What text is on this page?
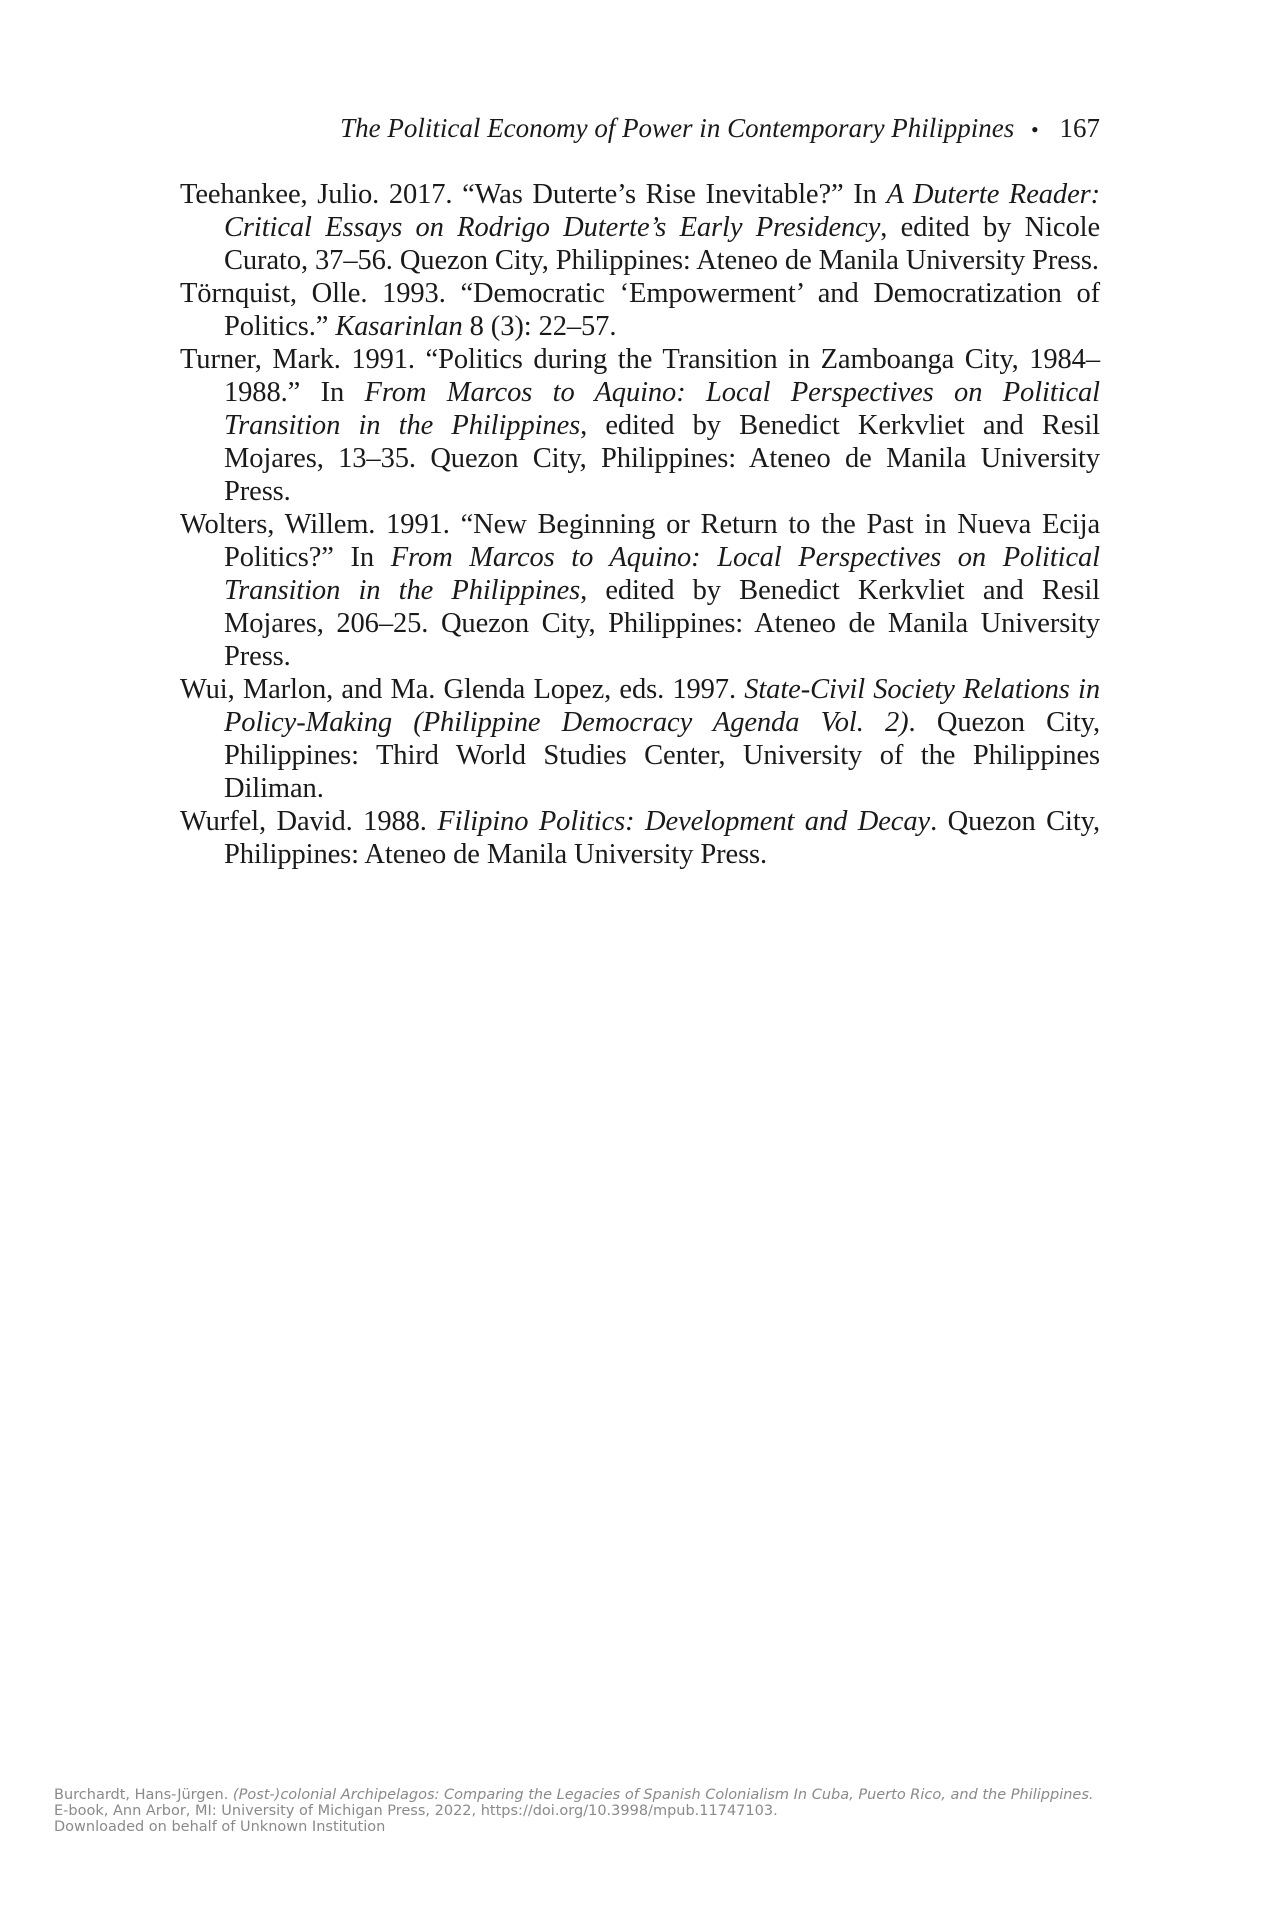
The Political Economy of Power in Contemporary Philippines • 167

Teehankee, Julio. 2017. “Was Duterte’s Rise Inevitable?” In A Duterte Reader: Critical Essays on Rodrigo Duterte’s Early Presidency, edited by Nicole Curato, 37–56. Quezon City, Philippines: Ateneo de Manila University Press.

Törnquist, Olle. 1993. “Democratic ‘Empowerment’ and Democratization of Politics.” Kasarinlan 8 (3): 22–57.

Turner, Mark. 1991. “Politics during the Transition in Zamboanga City, 1984–1988.” In From Marcos to Aquino: Local Perspectives on Political Transition in the Philippines, edited by Benedict Kerkvliet and Resil Mojares, 13–35. Quezon City, Philippines: Ateneo de Manila University Press.

Wolters, Willem. 1991. “New Beginning or Return to the Past in Nueva Ecija Politics?” In From Marcos to Aquino: Local Perspectives on Political Transition in the Philippines, edited by Benedict Kerkvliet and Resil Mojares, 206–25. Quezon City, Philippines: Ateneo de Manila University Press.

Wui, Marlon, and Ma. Glenda Lopez, eds. 1997. State-Civil Society Relations in Policy-Making (Philippine Democracy Agenda Vol. 2). Quezon City, Philippines: Third World Studies Center, University of the Philippines Diliman.

Wurfel, David. 1988. Filipino Politics: Development and Decay. Quezon City, Philippines: Ateneo de Manila University Press.

Burchardt, Hans-Jürgen. (Post-)colonial Archipelagos: Comparing the Legacies of Spanish Colonialism In Cuba, Puerto Rico, and the Philippines.
E-book, Ann Arbor, MI: University of Michigan Press, 2022, https://doi.org/10.3998/mpub.11747103.
Downloaded on behalf of Unknown Institution
